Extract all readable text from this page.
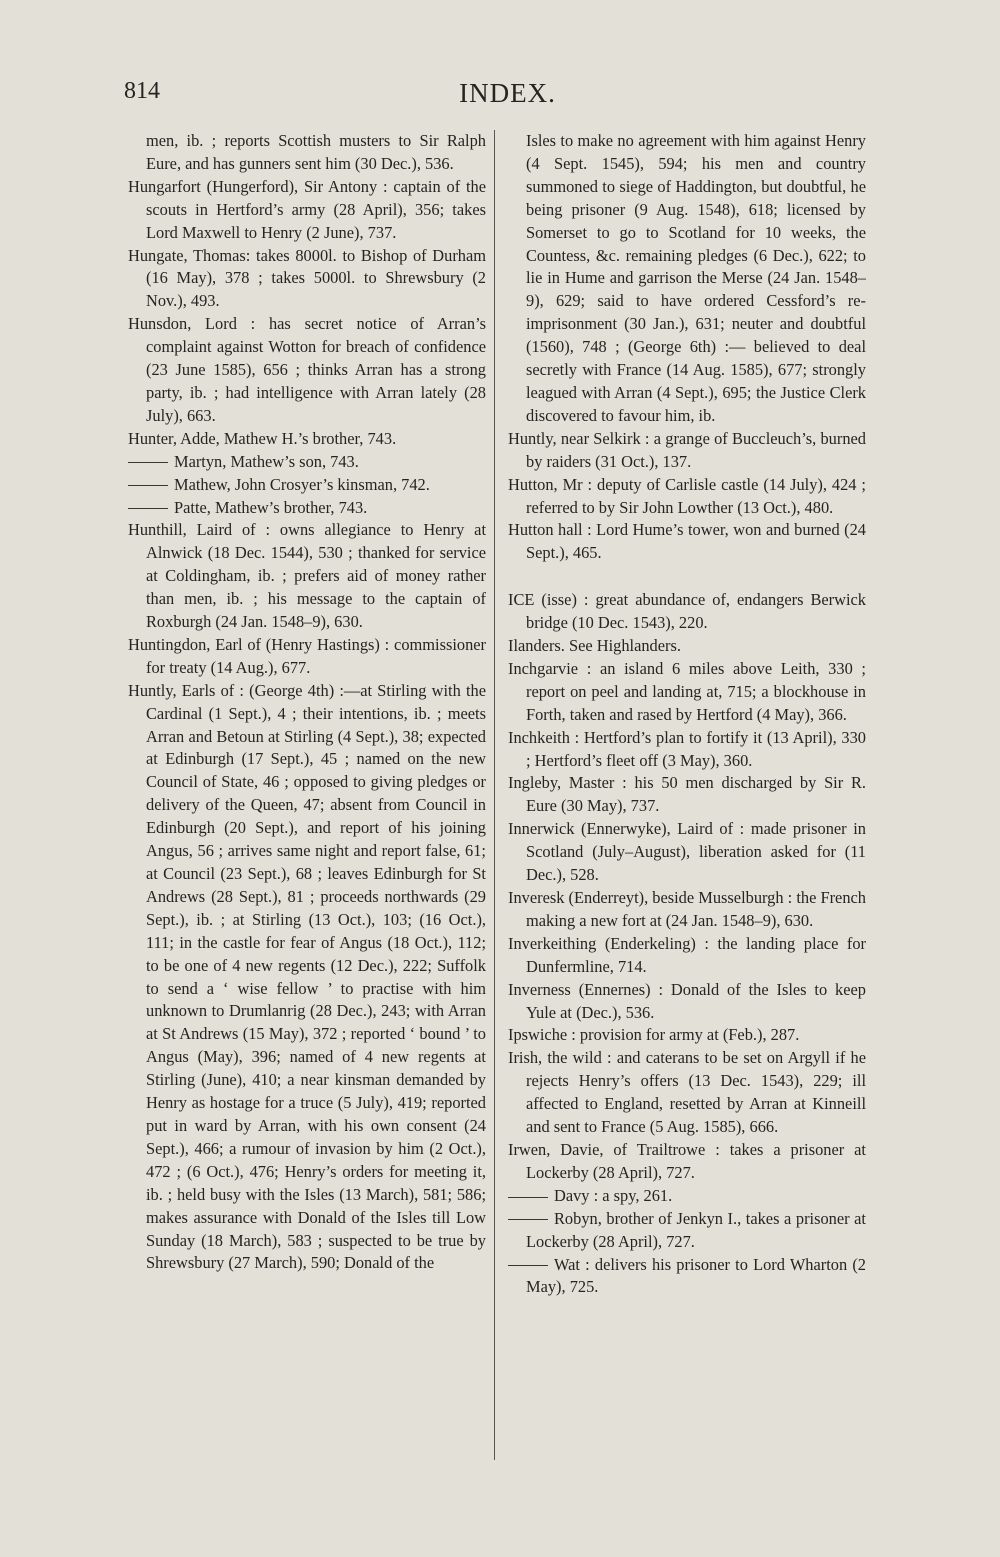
814	INDEX.

men, ib. ; reports Scottish musters to Sir Ralph Eure, and has gunners sent him (30 Dec.), 536.

Hungarfort (Hungerford), Sir Antony : captain of the scouts in Hertford’s army (28 April), 356; takes Lord Maxwell to Henry (2 June), 737.

Hungate, Thomas: takes 8000l. to Bishop of Durham (16 May), 378 ; takes 5000l. to Shrewsbury (2 Nov.), 493.

Hunsdon, Lord : has secret notice of Arran’s complaint against Wotton for breach of confidence (23 June 1585), 656 ; thinks Arran has a strong party, ib. ; had intelligence with Arran lately (28 July), 663.

Hunter, Adde, Mathew H.’s brother, 743.

Martyn, Mathew’s son, 743.

Mathew, John Crosyer’s kinsman, 742.

Patte, Mathew’s brother, 743.

Hunthill, Laird of : owns allegiance to Henry at Alnwick (18 Dec. 1544), 530 ; thanked for service at Coldingham, ib. ; prefers aid of money rather than men, ib. ; his message to the captain of Roxburgh (24 Jan. 1548–9), 630.

Huntingdon, Earl of (Henry Hastings) : commissioner for treaty (14 Aug.), 677.

Huntly, Earls of : (George 4th) :—at Stirling with the Cardinal (1 Sept.), 4 ; their intentions, ib. ; meets Arran and Betoun at Stirling (4 Sept.), 38; expected at Edinburgh (17 Sept.), 45 ; named on the new Council of State, 46 ; opposed to giving pledges or delivery of the Queen, 47; absent from Council in Edinburgh (20 Sept.), and report of his joining Angus, 56 ; arrives same night and report false, 61; at Council (23 Sept.), 68 ; leaves Edinburgh for St Andrews (28 Sept.), 81 ; proceeds northwards (29 Sept.), ib. ; at Stirling (13 Oct.), 103; (16 Oct.), 111; in the castle for fear of Angus (18 Oct.), 112; to be one of 4 new regents (12 Dec.), 222; Suffolk to send a ‘ wise fellow ’ to practise with him unknown to Drumlanrig (28 Dec.), 243; with Arran at St Andrews (15 May), 372 ; reported ‘ bound ’ to Angus (May), 396; named of 4 new regents at Stirling (June), 410; a near kinsman demanded by Henry as hostage for a truce (5 July), 419; reported put in ward by Arran, with his own consent (24 Sept.), 466; a rumour of invasion by him (2 Oct.), 472 ; (6 Oct.), 476; Henry’s orders for meeting it, ib. ; held busy with the Isles (13 March), 581; 586; makes assurance with Donald of the Isles till Low Sunday (18 March), 583 ; suspected to be true by Shrewsbury (27 March), 590; Donald of the

Isles to make no agreement with him against Henry (4 Sept. 1545), 594; his men and country summoned to siege of Haddington, but doubtful, he being prisoner (9 Aug. 1548), 618; licensed by Somerset to go to Scotland for 10 weeks, the Countess, &c. remaining pledges (6 Dec.), 622; to lie in Hume and garrison the Merse (24 Jan. 1548–9), 629; said to have ordered Cessford’s re-imprisonment (30 Jan.), 631; neuter and doubtful (1560), 748 ; (George 6th) :— believed to deal secretly with France (14 Aug. 1585), 677; strongly leagued with Arran (4 Sept.), 695; the Justice Clerk discovered to favour him, ib.

Huntly, near Selkirk : a grange of Buccleuch’s, burned by raiders (31 Oct.), 137.

Hutton, Mr : deputy of Carlisle castle (14 July), 424 ; referred to by Sir John Lowther (13 Oct.), 480.

Hutton hall : Lord Hume’s tower, won and burned (24 Sept.), 465.

ICE (isse) : great abundance of, endangers Berwick bridge (10 Dec. 1543), 220.

Ilanders. See Highlanders.

Inchgarvie : an island 6 miles above Leith, 330 ; report on peel and landing at, 715; a blockhouse in Forth, taken and rased by Hertford (4 May), 366.

Inchkeith : Hertford’s plan to fortify it (13 April), 330 ; Hertford’s fleet off (3 May), 360.

Ingleby, Master : his 50 men discharged by Sir R. Eure (30 May), 737.

Innerwick (Ennerwyke), Laird of : made prisoner in Scotland (July–August), liberation asked for (11 Dec.), 528.

Inveresk (Enderreyt), beside Musselburgh : the French making a new fort at (24 Jan. 1548–9), 630.

Inverkeithing (Enderkeling) : the landing place for Dunfermline, 714.

Inverness (Ennernes) : Donald of the Isles to keep Yule at (Dec.), 536.

Ipswiche : provision for army at (Feb.), 287.

Irish, the wild : and caterans to be set on Argyll if he rejects Henry’s offers (13 Dec. 1543), 229; ill affected to England, resetted by Arran at Kinneill and sent to France (5 Aug. 1585), 666.

Irwen, Davie, of Trailtrowe : takes a prisoner at Lockerby (28 April), 727.

Davy : a spy, 261.

Robyn, brother of Jenkyn I., takes a prisoner at Lockerby (28 April), 727.

Wat : delivers his prisoner to Lord Wharton (2 May), 725.
